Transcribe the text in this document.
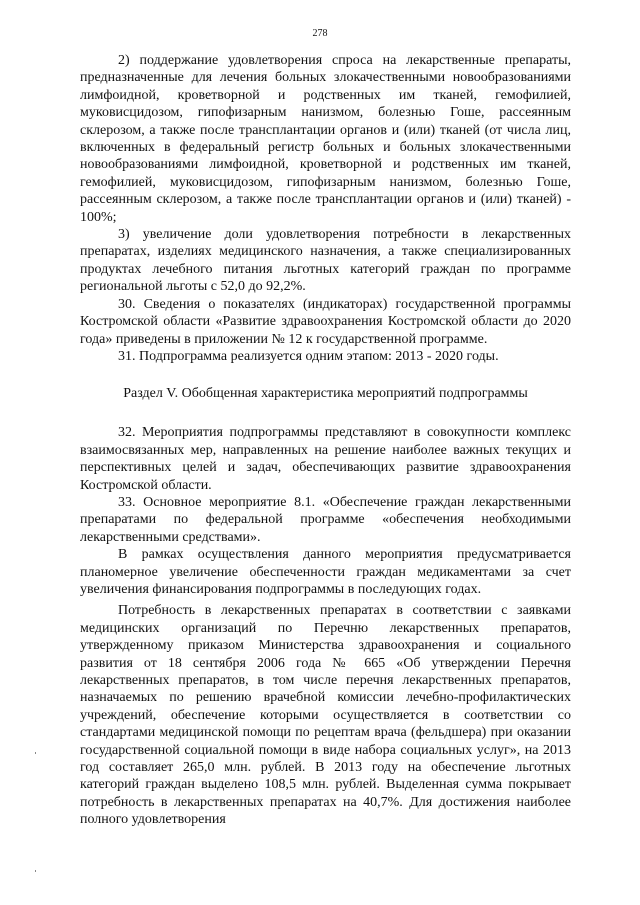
278

2) поддержание удовлетворения спроса на лекарственные препараты, предназначенные для лечения больных злокачественными новообразованиями лимфоидной, кроветворной и родственных им тканей, гемофилией, муковисцидозом, гипофизарным нанизмом, болезнью Гоше, рассеянным склерозом, а также после трансплантации органов и (или) тканей (от числа лиц, включенных в федеральный регистр больных и больных злокачественными новообразованиями лимфоидной, кроветворной и родственных им тканей, гемофилией, муковисцидозом, гипофизарным нанизмом, болезнью Гоше, рассеянным склерозом, а также после трансплантации органов и (или) тканей) - 100%;

3) увеличение доли удовлетворения потребности в лекарственных препаратах, изделиях медицинского назначения, а также специализированных продуктах лечебного питания льготных категорий граждан по программе региональной льготы с 52,0 до 92,2%.

30. Сведения о показателях (индикаторах) государственной программы Костромской области «Развитие здравоохранения Костромской области до 2020 года» приведены в приложении № 12 к государственной программе.

31. Подпрограмма реализуется одним этапом: 2013 - 2020 годы.

Раздел V. Обобщенная характеристика мероприятий подпрограммы

32. Мероприятия подпрограммы представляют в совокупности комплекс взаимосвязанных мер, направленных на решение наиболее важных текущих и перспективных целей и задач, обеспечивающих развитие здравоохранения Костромской области.

33. Основное мероприятие 8.1. «Обеспечение граждан лекарственными препаратами по федеральной программе «обеспечения необходимыми лекарственными средствами».

В рамках осуществления данного мероприятия предусматривается планомерное увеличение обеспеченности граждан медикаментами за счет увеличения финансирования подпрограммы в последующих годах.

Потребность в лекарственных препаратах в соответствии с заявками медицинских организаций по Перечню лекарственных препаратов, утвержденному приказом Министерства здравоохранения и социального развития от 18 сентября 2006 года № 665 «Об утверждении Перечня лекарственных препаратов, в том числе перечня лекарственных препаратов, назначаемых по решению врачебной комиссии лечебно-профилактических учреждений, обеспечение которыми осуществляется в соответствии со стандартами медицинской помощи по рецептам врача (фельдшера) при оказании государственной социальной помощи в виде набора социальных услуг», на 2013 год составляет 265,0 млн. рублей. В 2013 году на обеспечение льготных категорий граждан выделено 108,5 млн. рублей. Выделенная сумма покрывает потребность в лекарственных препаратах на 40,7%. Для достижения наиболее полного удовлетворения
